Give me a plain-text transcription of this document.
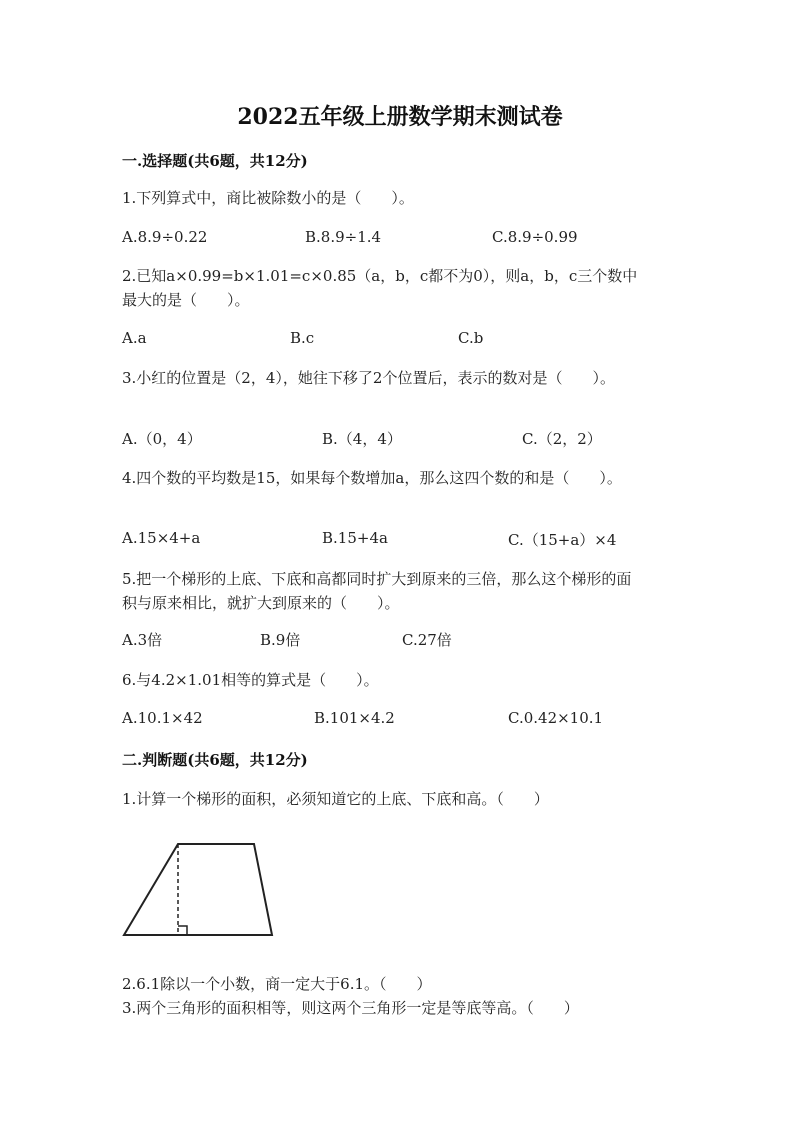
2022五年级上册数学期末测试卷
一.选择题(共6题，共12分)
1.下列算式中，商比被除数小的是（　　）。
A.8.9÷0.22	B.8.9÷1.4	C.8.9÷0.99
2.已知a×0.99=b×1.01=c×0.85（a，b，c都不为0），则a，b，c三个数中
最大的是（　　）。
A.a	B.c	C.b
3.小红的位置是（2，4），她往下移了2个位置后，表示的数对是（　　）。
A.（0，4）	B.（4，4）	C.（2，2）
4.四个数的平均数是15，如果每个数增加a，那么这四个数的和是（　　）。
A.15×4+a	B.15+4a	C.（15+a）×4
5.把一个梯形的上底、下底和高都同时扩大到原来的三倍，那么这个梯形的面
积与原来相比，就扩大到原来的（　　）。
A.3倍	B.9倍	C.27倍
6.与4.2×1.01相等的算式是（　　）。
A.10.1×42	B.101×4.2	C.0.42×10.1
二.判断题(共6题，共12分)
1.计算一个梯形的面积，必须知道它的上底、下底和高。（　　）
2.6.1除以一个小数，商一定大于6.1。（　　）
3.两个三角形的面积相等，则这两个三角形一定是等底等高。（　　）
